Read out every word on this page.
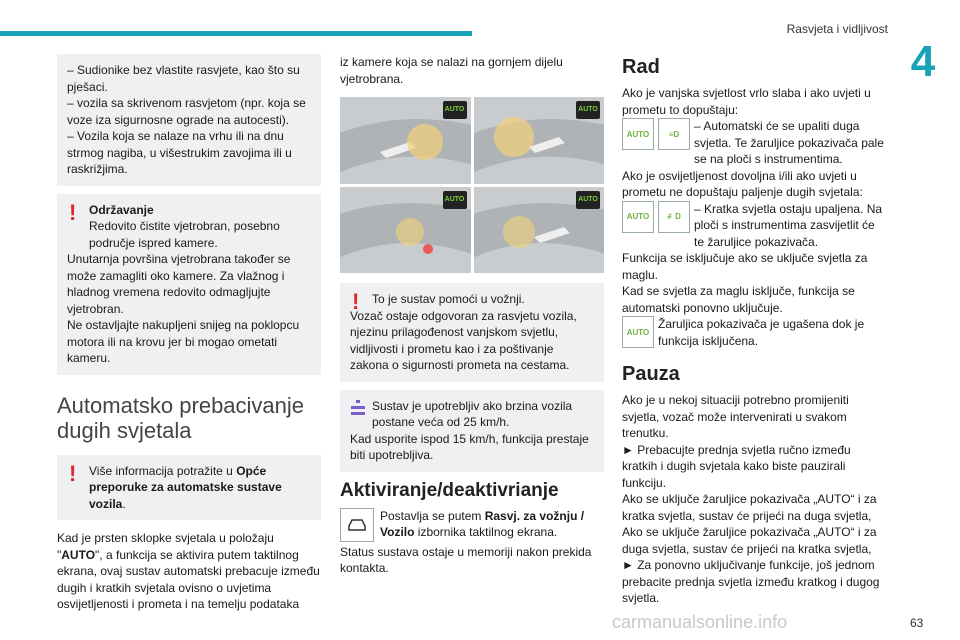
Rasvjeta i vidljivost
4

– Sudionike bez vlastite rasvjete, kao što su pješaci.

– vozila sa skrivenom rasvjetom (npr. koja se voze iza sigurnosne ograde na autocesti).

– Vozila koja se nalaze na vrhu ili na dnu strmog nagiba, u višestrukim zavojima ili u raskrižjima.

! Održavanje

Redovito čistite vjetrobran, posebno područje ispred kamere.

Unutarnja površina vjetrobrana također se može zamagliti oko kamere. Za vlažnog i hladnog vremena redovito odmagljujte vjetrobran.

Ne ostavljajte nakupljeni snijeg na poklopcu motora ili na krovu jer bi mogao ometati kameru.

Automatsko prebacivanje dugih svjetala
! Više informacija potražite u Opće preporuke za automatske sustave vozila.

Kad je prsten sklopke svjetala u položaju "AUTO", a funkcija se aktivira putem taktilnog ekrana, ovaj sustav automatski prebacuje između dugih i kratkih svjetala ovisno o uvjetima osvijetljenosti i prometa i na temelju podataka

iz kamere koja se nalazi na gornjem dijelu vjetrobrana.

AUTO	AUTO
AUTO	AUTO
! To je sustav pomoći u vožnji.

Vozač ostaje odgovoran za rasvjetu vozila, njezinu prilagođenost vanjskom svjetlu, vidljivosti i prometu kao i za poštivanje zakona o sigurnosti prometa na cestama.

Sustav je upotrebljiv ako brzina vozila postane veća od 25 km/h.

Kad usporite ispod 15 km/h, funkcija prestaje biti upotrebljiva.

Aktiviranje/deaktivrianje

Postavlja se putem Rasvj. za vožnju / Vozilo izbornika taktilnog ekrana.

Status sustava ostaje u memoriji nakon prekida kontakta.

Rad

Ako je vanjska svjetlost vrlo slaba i ako uvjeti u prometu to dopuštaju:

AUTO	≡D

– Automatski će se upaliti duga svjetla. Te žaruljice pokazivača pale se na ploči s instrumentima.

Ako je osvijetljenost dovoljna i/ili ako uvjeti u prometu ne dopuštaju paljenje dugih svjetala:

AUTO	≢D

– Kratka svjetla ostaju upaljena. Na ploči s instrumentima zasvijetlit će te žaruljice pokazivača.

Funkcija se isključuje ako se uključe svjetla za maglu.

Kad se svjetla za maglu isključe, funkcija se automatski ponovno uključuje.

AUTO

Žaruljica pokazivača je ugašena dok je funkcija isključena.

Pauza

Ako je u nekoj situaciji potrebno promijeniti svjetla, vozač može intervenirati u svakom trenutku.

► Prebacujte prednja svjetla ručno između kratkih i dugih svjetala kako biste pauzirali funkciju.

Ako se uključe žaruljice pokazivača „AUTO“ i za kratka svjetla, sustav će prijeći na duga svjetla,

Ako se uključe žaruljice pokazivača „AUTO“ i za duga svjetla, sustav će prijeći na kratka svjetla,

► Za ponovno uključivanje funkcije, još jednom prebacite prednja svjetla između kratkog i dugog svjetla.

carmanualsonline.info	63
